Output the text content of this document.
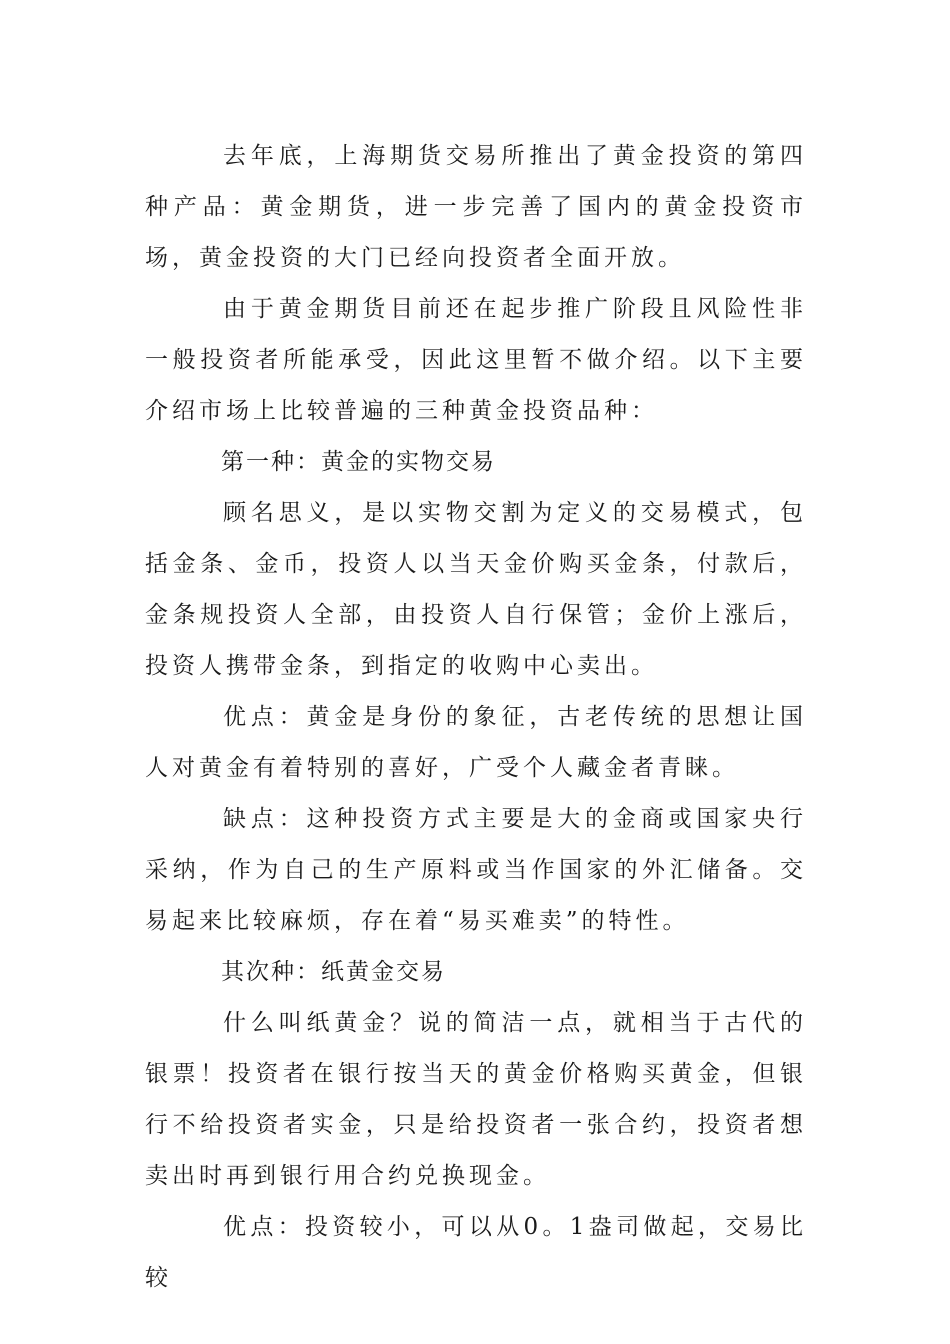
去年底，上海期货交易所推出了黄金投资的第四种产品：黄金期货，进一步完善了国内的黄金投资市场，黄金投资的大门已经向投资者全面开放。

由于黄金期货目前还在起步推广阶段且风险性非一般投资者所能承受，因此这里暂不做介绍。以下主要介绍市场上比较普遍的三种黄金投资品种：

第一种：黄金的实物交易

顾名思义，是以实物交割为定义的交易模式，包括金条、金币，投资人以当天金价购买金条，付款后，金条规投资人全部，由投资人自行保管；金价上涨后，投资人携带金条，到指定的收购中心卖出。

优点：黄金是身份的象征，古老传统的思想让国人对黄金有着特别的喜好，广受个人藏金者青睐。

缺点：这种投资方式主要是大的金商或国家央行采纳，作为自己的生产原料或当作国家的外汇储备。交易起来比较麻烦，存在着“易买难卖”的特性。

其次种：纸黄金交易

什么叫纸黄金？说的简洁一点，就相当于古代的银票！投资者在银行按当天的黄金价格购买黄金，但银行不给投资者实金，只是给投资者一张合约，投资者想卖出时再到银行用合约兑换现金。

优点：投资较小，可以从0。1盎司做起，交易比较
